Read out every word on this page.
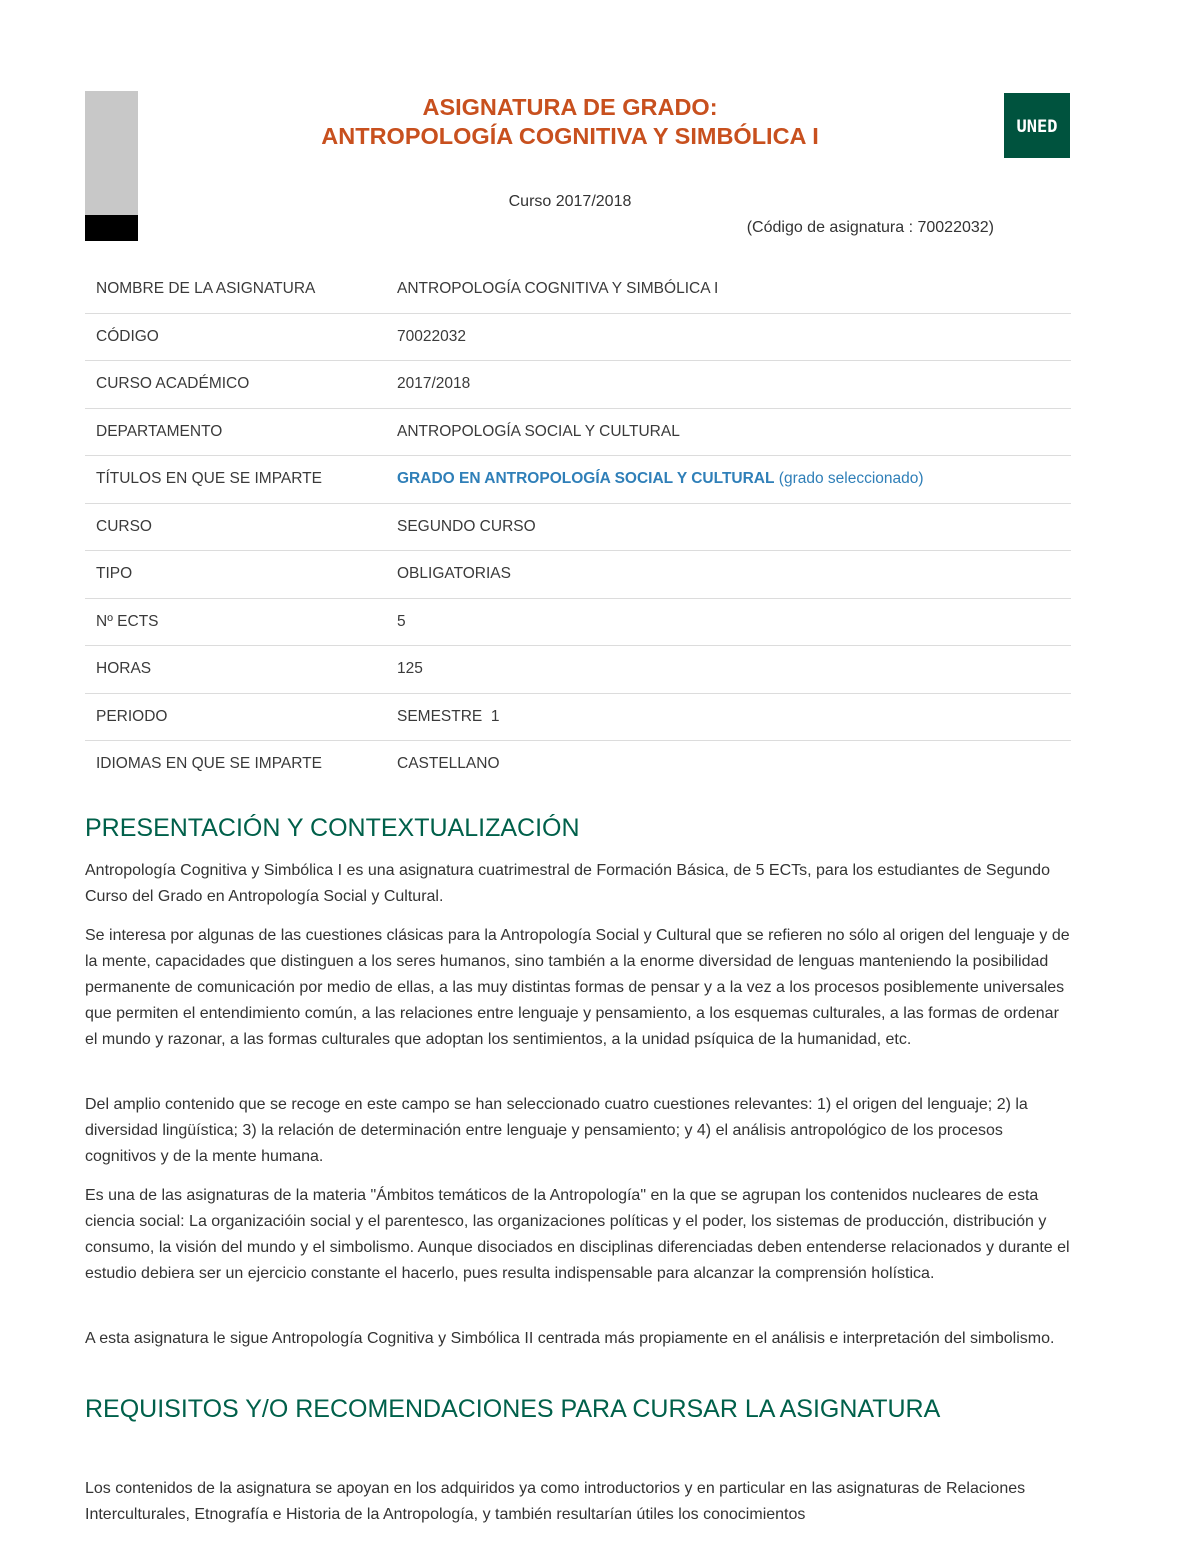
ASIGNATURA DE GRADO:
ANTROPOLOGÍA COGNITIVA Y SIMBÓLICA I	UNED
Curso 2017/2018
(Código de asignatura : 70022032)
NOMBRE DE LA ASIGNATURA	ANTROPOLOGÍA COGNITIVA Y SIMBÓLICA I
CÓDIGO	70022032
CURSO ACADÉMICO	2017/2018
DEPARTAMENTO	ANTROPOLOGÍA SOCIAL Y CULTURAL
TÍTULOS EN QUE SE IMPARTE	GRADO EN ANTROPOLOGÍA SOCIAL Y CULTURAL (grado seleccionado)
CURSO	SEGUNDO CURSO
TIPO	OBLIGATORIAS
Nº ECTS	5
HORAS	125
PERIODO	SEMESTRE  1
IDIOMAS EN QUE SE IMPARTE	CASTELLANO
PRESENTACIÓN Y CONTEXTUALIZACIÓN

Antropología Cognitiva y Simbólica I es una asignatura cuatrimestral de Formación Básica, de 5 ECTs, para los estudiantes de Segundo Curso del Grado en Antropología Social y Cultural.

Se interesa por algunas de las cuestiones clásicas para la Antropología Social y Cultural que se refieren no sólo al origen del lenguaje y de la mente, capacidades que distinguen a los seres humanos, sino también a la enorme diversidad de lenguas manteniendo la posibilidad permanente de comunicación por medio de ellas, a las muy distintas formas de pensar y a la vez a los procesos posiblemente universales que permiten el entendimiento común, a las relaciones entre lenguaje y pensamiento, a los esquemas culturales, a las formas de ordenar el mundo y razonar, a las formas culturales que adoptan los sentimientos, a la unidad psíquica de la humanidad, etc.

Del amplio contenido que se recoge en este campo se han seleccionado cuatro cuestiones relevantes: 1) el origen del lenguaje; 2) la diversidad lingüística; 3) la relación de determinación entre lenguaje y pensamiento; y 4) el análisis antropológico de los procesos cognitivos y de la mente humana.

Es una de las asignaturas de la materia "Ámbitos temáticos de la Antropología" en la que se agrupan los contenidos nucleares de esta ciencia social: La organizacióin social y el parentesco, las organizaciones políticas y el poder, los sistemas de producción, distribución y consumo, la visión del mundo y el simbolismo. Aunque disociados en disciplinas diferenciadas deben entenderse relacionados y durante el estudio debiera ser un ejercicio constante el hacerlo, pues resulta indispensable para alcanzar la comprensión holística.

A esta asignatura le sigue Antropología Cognitiva y Simbólica II centrada más propiamente en el análisis e interpretación del simbolismo.

REQUISITOS Y/O RECOMENDACIONES PARA CURSAR LA ASIGNATURA

Los contenidos de la asignatura se apoyan en los adquiridos ya como introductorios y en particular en las asignaturas de Relaciones Interculturales, Etnografía e Historia de la Antropología, y también resultarían útiles los conocimientos
